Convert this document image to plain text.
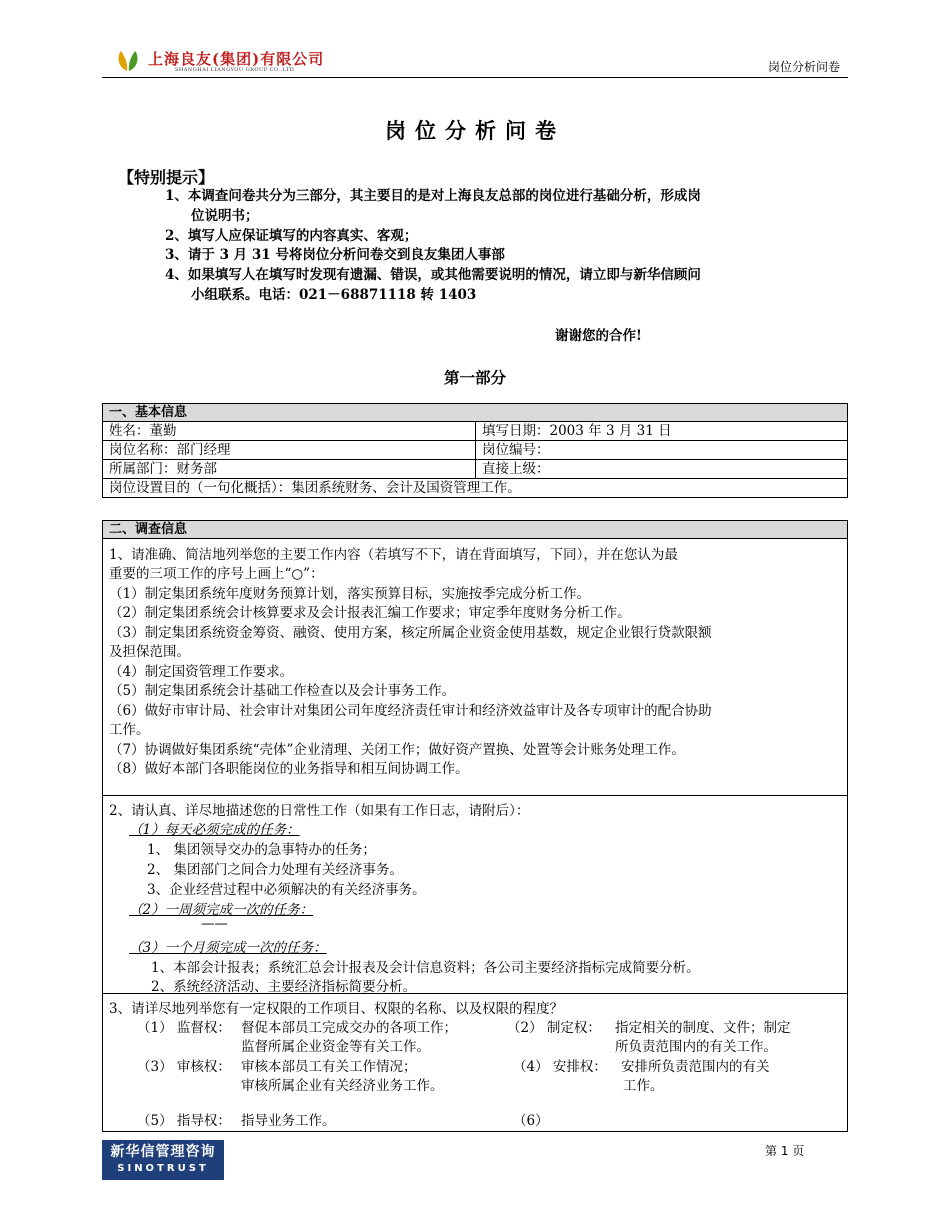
上海良友(集团)有限公司
SHANGHAI LIANGYOU GROUP CO.,LTD	岗位分析问卷
岗位分析问卷
【特别提示】
1、本调查问卷共分为三部分，其主要目的是对上海良友总部的岗位进行基础分析，形成岗
位说明书；
2、填写人应保证填写的内容真实、客观；
3、请于 3 月 31 号将岗位分析问卷交到良友集团人事部
4、如果填写人在填写时发现有遗漏、错误，或其他需要说明的情况，请立即与新华信顾问
小组联系。电话：021－68871118 转 1403
谢谢您的合作!
第一部分
一、基本信息
姓名：董勤	填写日期：2003 年 3 月 31 日
岗位名称：部门经理	岗位编号：
所属部门：财务部	直接上级：
岗位设置目的（一句化概括）：集团系统财务、会计及国资管理工作。
二、调查信息
1、请准确、简洁地列举您的主要工作内容（若填写不下，请在背面填写，下同），并在您认为最
重要的三项工作的序号上画上“○”：
（1）制定集团系统年度财务预算计划，落实预算目标，实施按季完成分析工作。
（2）制定集团系统会计核算要求及会计报表汇编工作要求；审定季年度财务分析工作。
（3）制定集团系统资金筹资、融资、使用方案，核定所属企业资金使用基数，规定企业银行贷款限额
及担保范围。
（4）制定国资管理工作要求。
（5）制定集团系统会计基础工作检查以及会计事务工作。
（6）做好市审计局、社会审计对集团公司年度经济责任审计和经济效益审计及各专项审计的配合协助
工作。
（7）协调做好集团系统“壳体”企业清理、关闭工作；做好资产置换、处置等会计账务处理工作。
（8）做好本部门各职能岗位的业务指导和相互间协调工作。
2、请认真、详尽地描述您的日常性工作（如果有工作日志，请附后）：
（1）每天必须完成的任务：
1、 集团领导交办的急事特办的任务；
2、 集团部门之间合力处理有关经济事务。
3、企业经营过程中必须解决的有关经济事务。
（2）一周须完成一次的任务：
——
（3）一个月须完成一次的任务：
1、本部会计报表；系统汇总会计报表及会计信息资料；各公司主要经济指标完成简要分析。
2、系统经济活动、主要经济指标简要分析。
3、请详尽地列举您有一定权限的工作项目、权限的名称、以及权限的程度？
（1） 监督权： 督促本部员工完成交办的各项工作；
监督所属企业资金等有关工作。
（2） 制定权： 指定相关的制度、文件；制定
所负责范围内的有关工作。
（3） 审核权： 审核本部员工有关工作情况；
审核所属企业有关经济业务工作。
（4） 安排权： 安排所负责范围内的有关
工作。
（5） 指导权： 指导业务工作。	（6）
新华信管理咨询
SINOTRUST
第 1 页
